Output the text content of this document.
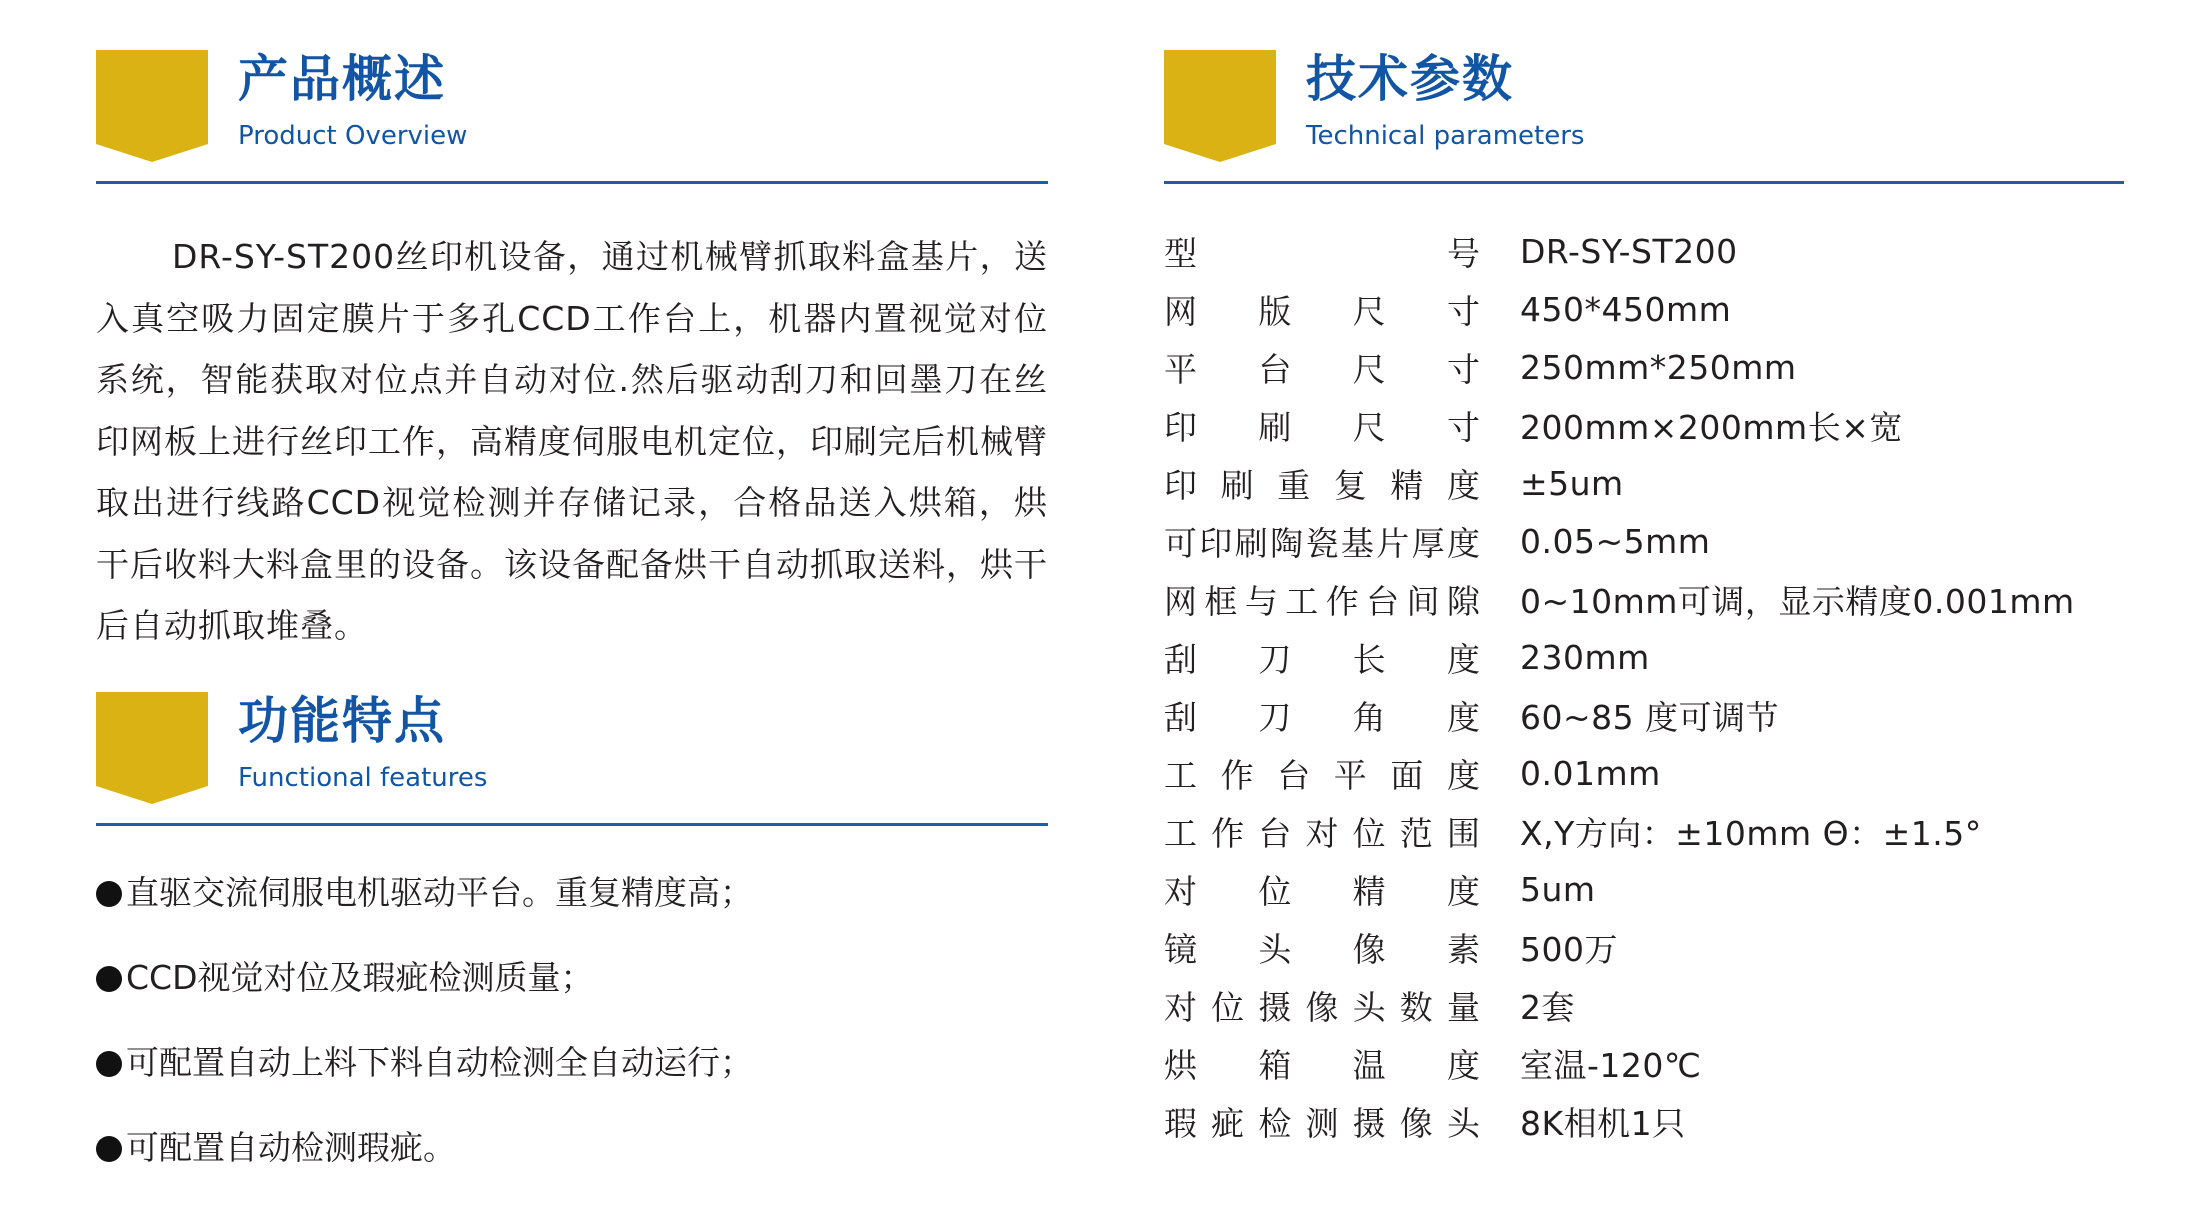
产品概述
Product Overview
DR-SY-ST200丝印机设备，通过机械臂抓取料盒基片，送入真空吸力固定膜片于多孔CCD工作台上，机器内置视觉对位系统，智能获取对位点并自动对位.然后驱动刮刀和回墨刀在丝印网板上进行丝印工作，高精度伺服电机定位，印刷完后机械臂取出进行线路CCD视觉检测并存储记录，合格品送入烘箱，烘干后收料大料盒里的设备。该设备配备烘干自动抓取送料，烘干后自动抓取堆叠。
功能特点
Functional features
直驱交流伺服电机驱动平台。重复精度高；
CCD视觉对位及瑕疵检测质量；
可配置自动上料下料自动检测全自动运行；
可配置自动检测瑕疵。
技术参数
Technical parameters
型	号 DR-SY-ST200
网 版 尺 寸 450*450mm
平 台 尺 寸 250mm*250mm
印 刷 尺 寸 200mm×200mm长×宽
印 刷 重 复 精 度 ±5um
可 印 刷 陶 瓷 基 片 厚 度 0.05~5mm
网 框 与 工 作 台 间 隙 0~10mm可调，显示精度0.001mm
刮 刀 长 度 230mm
刮 刀 角 度 60~85 度可调节
工 作 台 平 面 度 0.01mm
工 作 台 对 位 范 围 X,Y方向：±10mm Θ：±1.5°
对 位 精 度 5um
镜 头 像 素 500万
对 位 摄 像 头 数 量 2套
烘 箱 温 度 室温-120℃
瑕 疵 检 测 摄 像 头 8K相机1只
